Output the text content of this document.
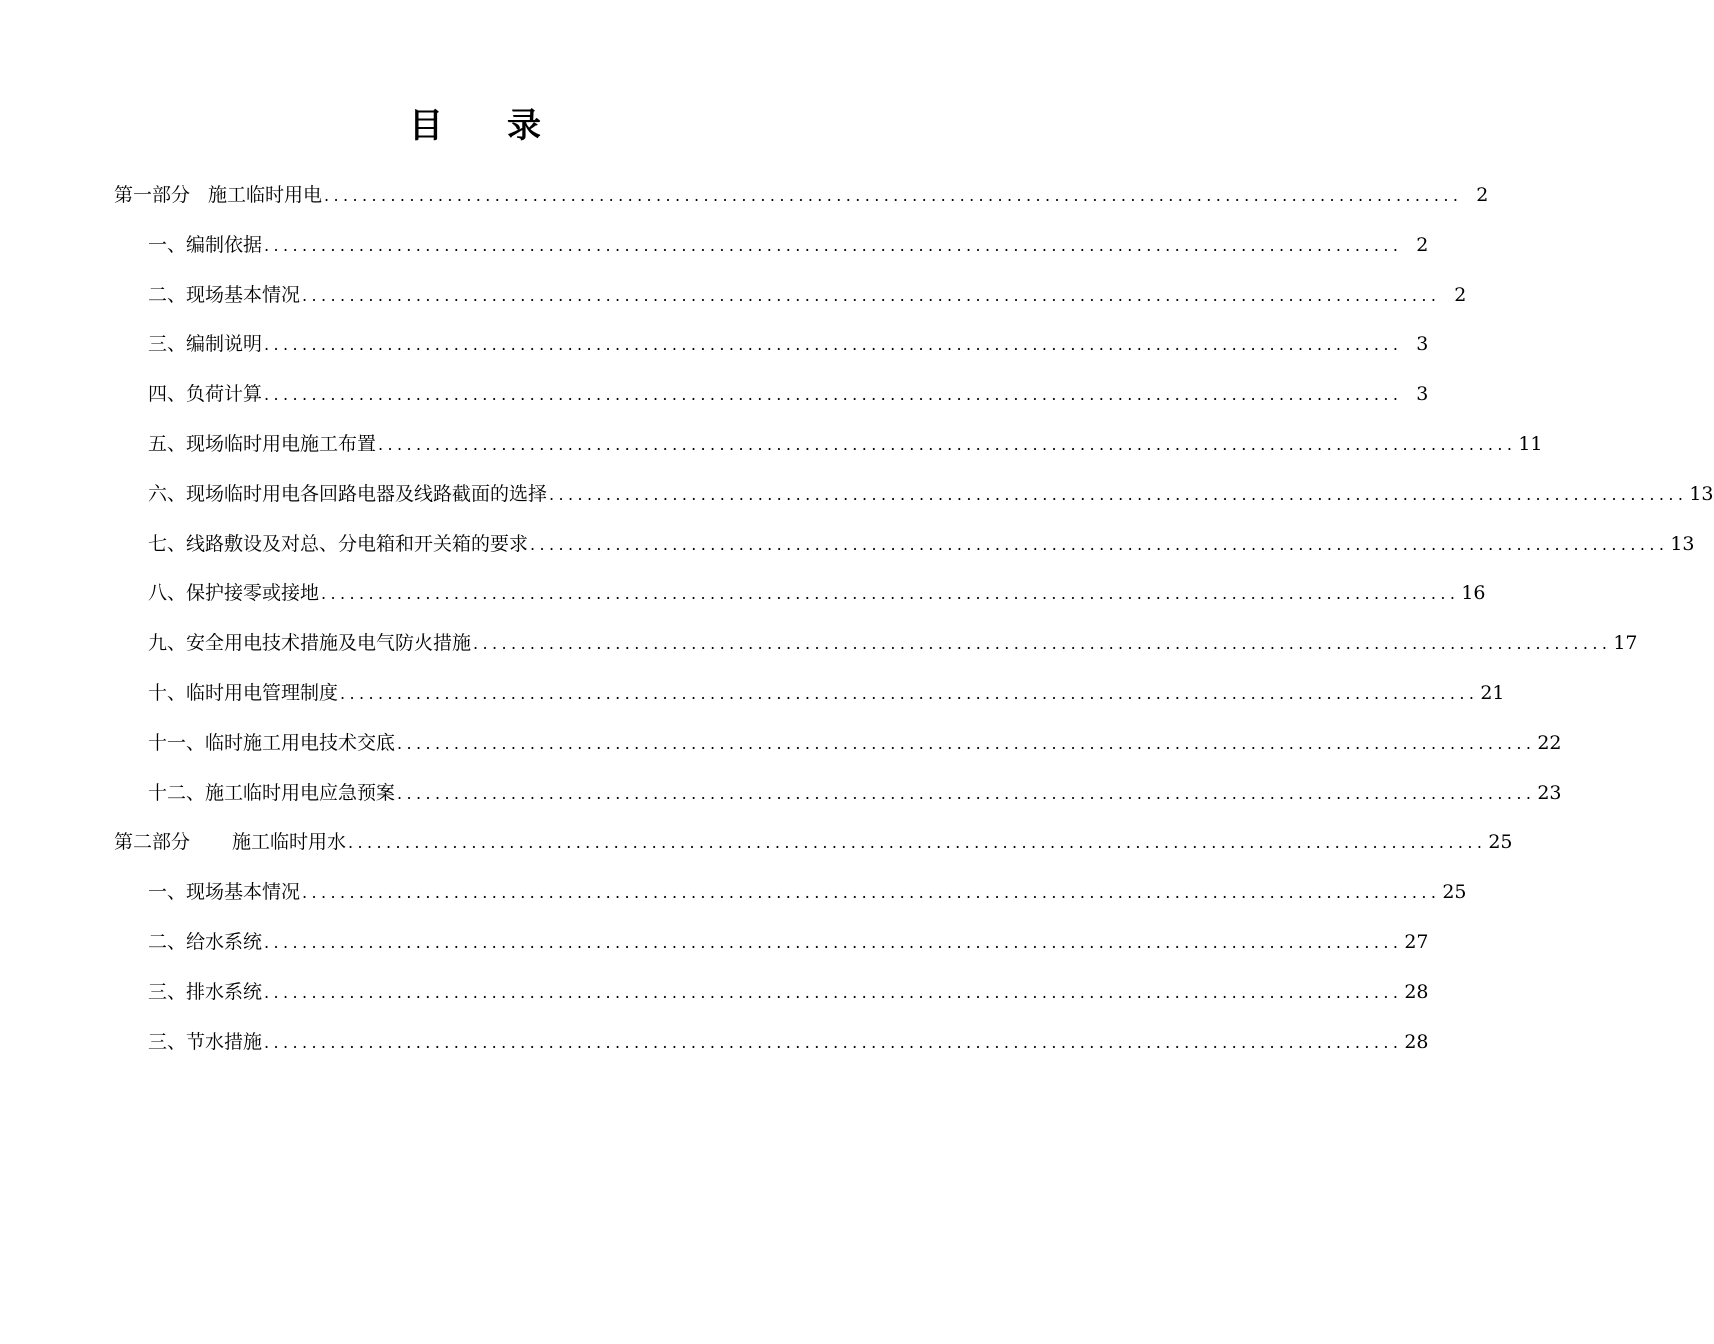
目 录
第一部分 施工临时用电 ........................................................................................................................ 2
一、编制依据 ........................................................................................................................ 2
二、现场基本情况 ........................................................................................................................ 2
三、编制说明 ........................................................................................................................ 3
四、负荷计算 ........................................................................................................................ 3
五、现场临时用电施工布置 ........................................................................................................................ 11
六、现场临时用电各回路电器及线路截面的选择 ........................................................................................................................ 13
七、线路敷设及对总、分电箱和开关箱的要求 ........................................................................................................................ 13
八、保护接零或接地 ........................................................................................................................ 16
九、安全用电技术措施及电气防火措施 ........................................................................................................................ 17
十、临时用电管理制度 ........................................................................................................................ 21
十一、临时施工用电技术交底 ........................................................................................................................ 22
十二、施工临时用电应急预案 ........................................................................................................................ 23
第二部分 施工临时用水 ........................................................................................................................ 25
一、现场基本情况 ........................................................................................................................ 25
二、给水系统 ........................................................................................................................ 27
三、排水系统 ........................................................................................................................ 28
三、节水措施 ........................................................................................................................ 28
